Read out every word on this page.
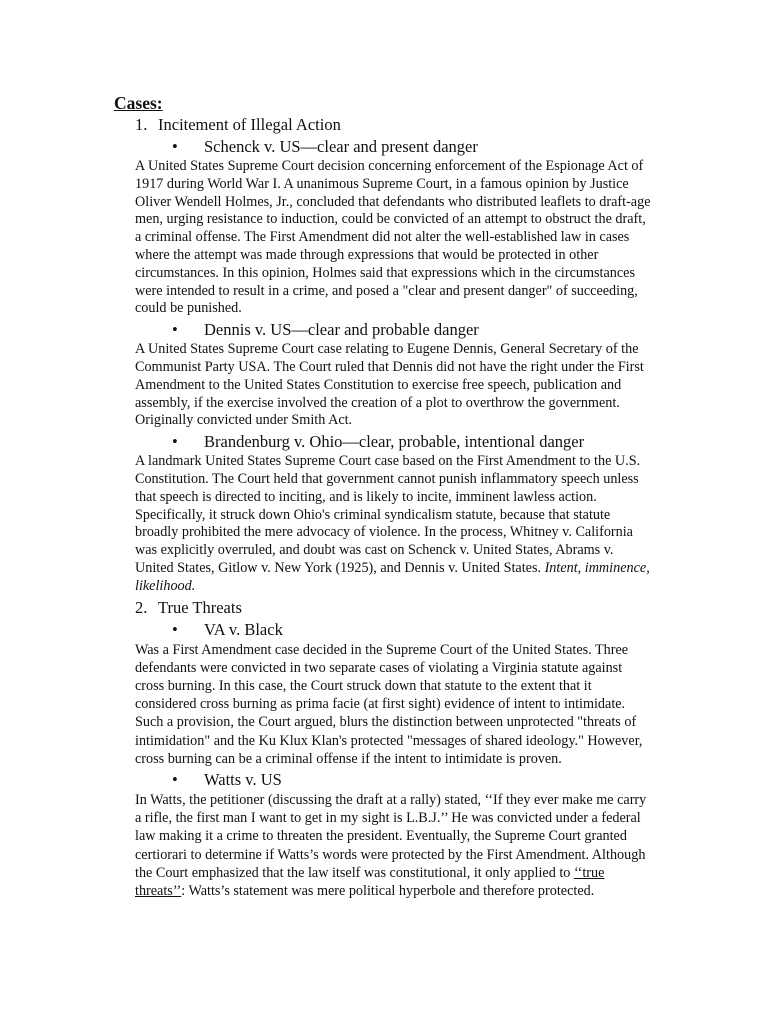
Cases:
1. Incitement of Illegal Action
• Schenck v. US—clear and present danger
A United States Supreme Court decision concerning enforcement of the Espionage Act of 1917 during World War I. A unanimous Supreme Court, in a famous opinion by Justice Oliver Wendell Holmes, Jr., concluded that defendants who distributed leaflets to draft-age men, urging resistance to induction, could be convicted of an attempt to obstruct the draft, a criminal offense. The First Amendment did not alter the well-established law in cases where the attempt was made through expressions that would be protected in other circumstances. In this opinion, Holmes said that expressions which in the circumstances were intended to result in a crime, and posed a "clear and present danger" of succeeding, could be punished.
• Dennis v. US—clear and probable danger
A United States Supreme Court case relating to Eugene Dennis, General Secretary of the Communist Party USA. The Court ruled that Dennis did not have the right under the First Amendment to the United States Constitution to exercise free speech, publication and assembly, if the exercise involved the creation of a plot to overthrow the government. Originally convicted under Smith Act.
• Brandenburg v. Ohio—clear, probable, intentional danger
A landmark United States Supreme Court case based on the First Amendment to the U.S. Constitution. The Court held that government cannot punish inflammatory speech unless that speech is directed to inciting, and is likely to incite, imminent lawless action. Specifically, it struck down Ohio's criminal syndicalism statute, because that statute broadly prohibited the mere advocacy of violence. In the process, Whitney v. California was explicitly overruled, and doubt was cast on Schenck v. United States, Abrams v. United States, Gitlow v. New York (1925), and Dennis v. United States. Intent, imminence, likelihood.
2. True Threats
• VA v. Black
Was a First Amendment case decided in the Supreme Court of the United States. Three defendants were convicted in two separate cases of violating a Virginia statute against cross burning. In this case, the Court struck down that statute to the extent that it considered cross burning as prima facie (at first sight) evidence of intent to intimidate. Such a provision, the Court argued, blurs the distinction between unprotected "threats of intimidation" and the Ku Klux Klan's protected "messages of shared ideology." However, cross burning can be a criminal offense if the intent to intimidate is proven.
• Watts v. US
In Watts, the petitioner (discussing the draft at a rally) stated, ‘‘If they ever make me carry a rifle, the first man I want to get in my sight is L.B.J.’’ He was convicted under a federal law making it a crime to threaten the president. Eventually, the Supreme Court granted certiorari to determine if Watts’s words were protected by the First Amendment. Although the Court emphasized that the law itself was constitutional, it only applied to ‘‘true threats’’: Watts’s statement was mere political hyperbole and therefore protected.
